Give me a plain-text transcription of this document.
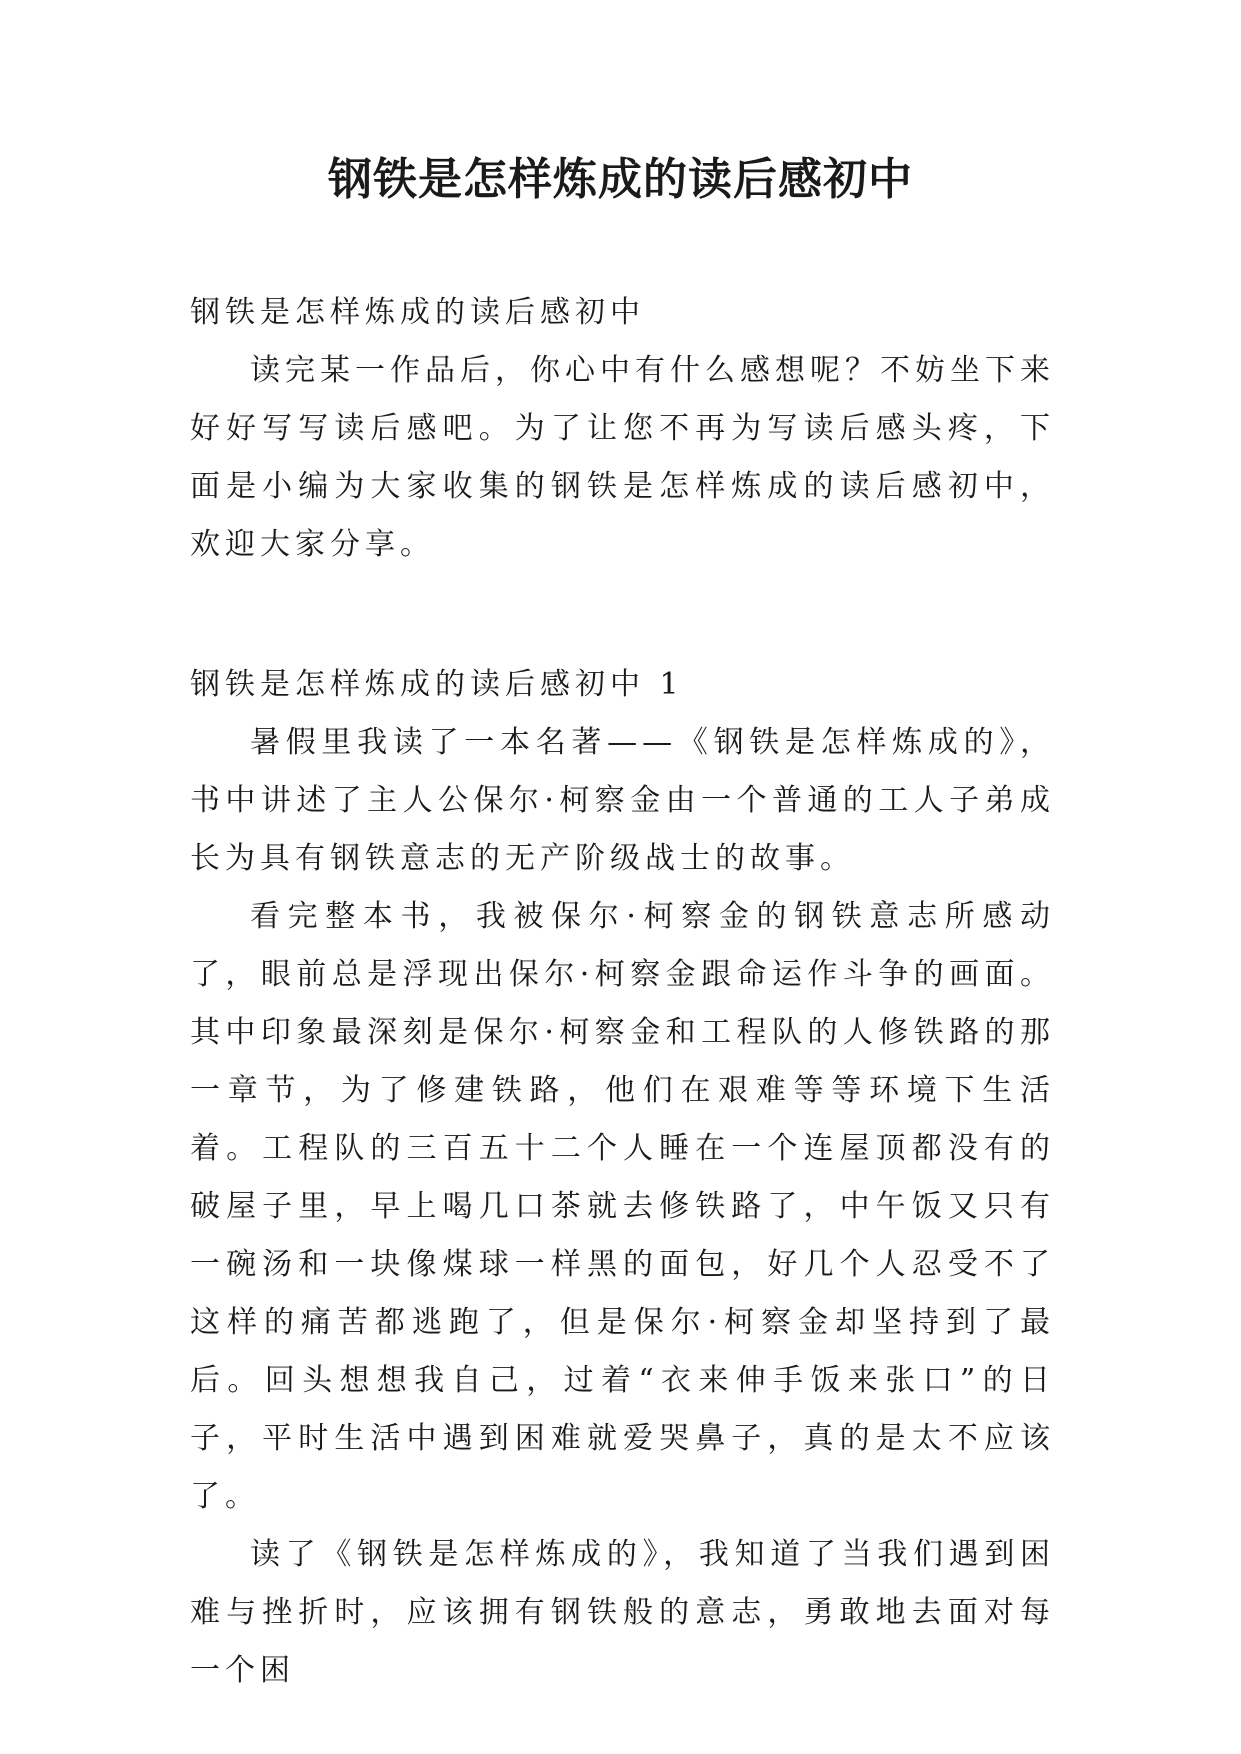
钢铁是怎样炼成的读后感初中

钢铁是怎样炼成的读后感初中

读完某一作品后，你心中有什么感想呢？不妨坐下来好好写写读后感吧。为了让您不再为写读后感头疼，下面是小编为大家收集的钢铁是怎样炼成的读后感初中，欢迎大家分享。

钢铁是怎样炼成的读后感初中 1

暑假里我读了一本名著——《钢铁是怎样炼成的》，书中讲述了主人公保尔·柯察金由一个普通的工人子弟成长为具有钢铁意志的无产阶级战士的故事。

看完整本书，我被保尔·柯察金的钢铁意志所感动了，眼前总是浮现出保尔·柯察金跟命运作斗争的画面。其中印象最深刻是保尔·柯察金和工程队的人修铁路的那一章节，为了修建铁路，他们在艰难等等环境下生活着。工程队的三百五十二个人睡在一个连屋顶都没有的破屋子里，早上喝几口茶就去修铁路了，中午饭又只有一碗汤和一块像煤球一样黑的面包，好几个人忍受不了这样的痛苦都逃跑了，但是保尔·柯察金却坚持到了最后。回头想想我自己，过着“衣来伸手饭来张口”的日子，平时生活中遇到困难就爱哭鼻子，真的是太不应该了。

读了《钢铁是怎样炼成的》，我知道了当我们遇到困难与挫折时，应该拥有钢铁般的意志，勇敢地去面对每一个困
